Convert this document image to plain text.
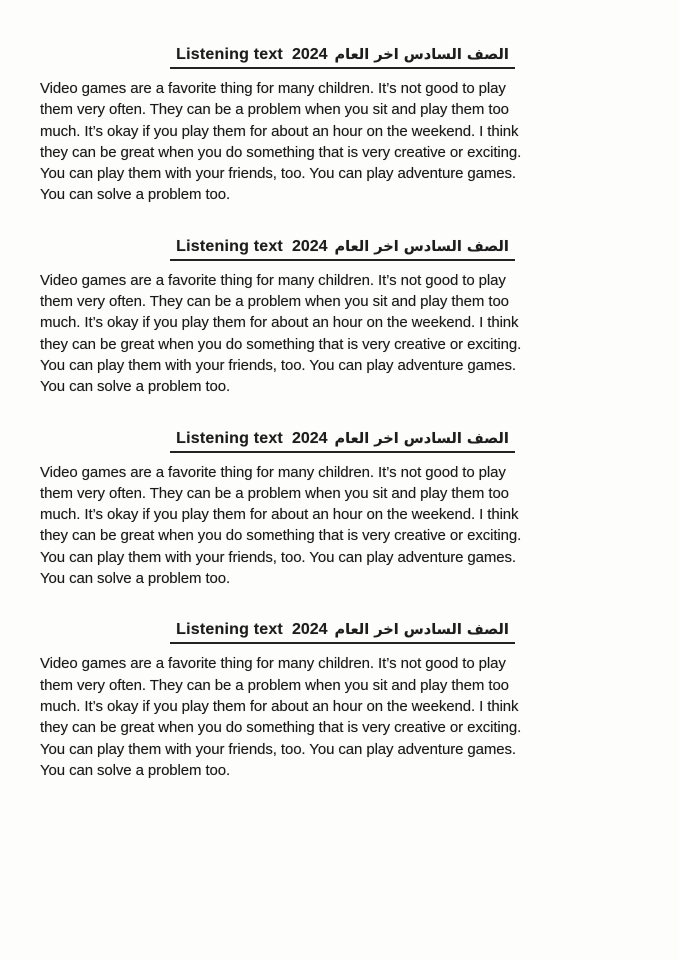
Listening text 2024 الصف السادس اخر العام
Video games are a favorite thing for many children. It’s not good to play
them very often. They can be a problem when you sit and play them too
much. It’s okay if you play them for about an hour on the weekend. I think
they can be great when you do something that is very creative or exciting.
You can play them with your friends, too. You can play adventure games.
You can solve a problem too.
Listening text 2024 الصف السادس اخر العام
Video games are a favorite thing for many children. It’s not good to play
them very often. They can be a problem when you sit and play them too
much. It’s okay if you play them for about an hour on the weekend. I think
they can be great when you do something that is very creative or exciting.
You can play them with your friends, too. You can play adventure games.
You can solve a problem too.
Listening text 2024 الصف السادس اخر العام
Video games are a favorite thing for many children. It’s not good to play
them very often. They can be a problem when you sit and play them too
much. It’s okay if you play them for about an hour on the weekend. I think
they can be great when you do something that is very creative or exciting.
You can play them with your friends, too. You can play adventure games.
You can solve a problem too.
Listening text 2024 الصف السادس اخر العام
Video games are a favorite thing for many children. It’s not good to play
them very often. They can be a problem when you sit and play them too
much. It’s okay if you play them for about an hour on the weekend. I think
they can be great when you do something that is very creative or exciting.
You can play them with your friends, too. You can play adventure games.
You can solve a problem too.
